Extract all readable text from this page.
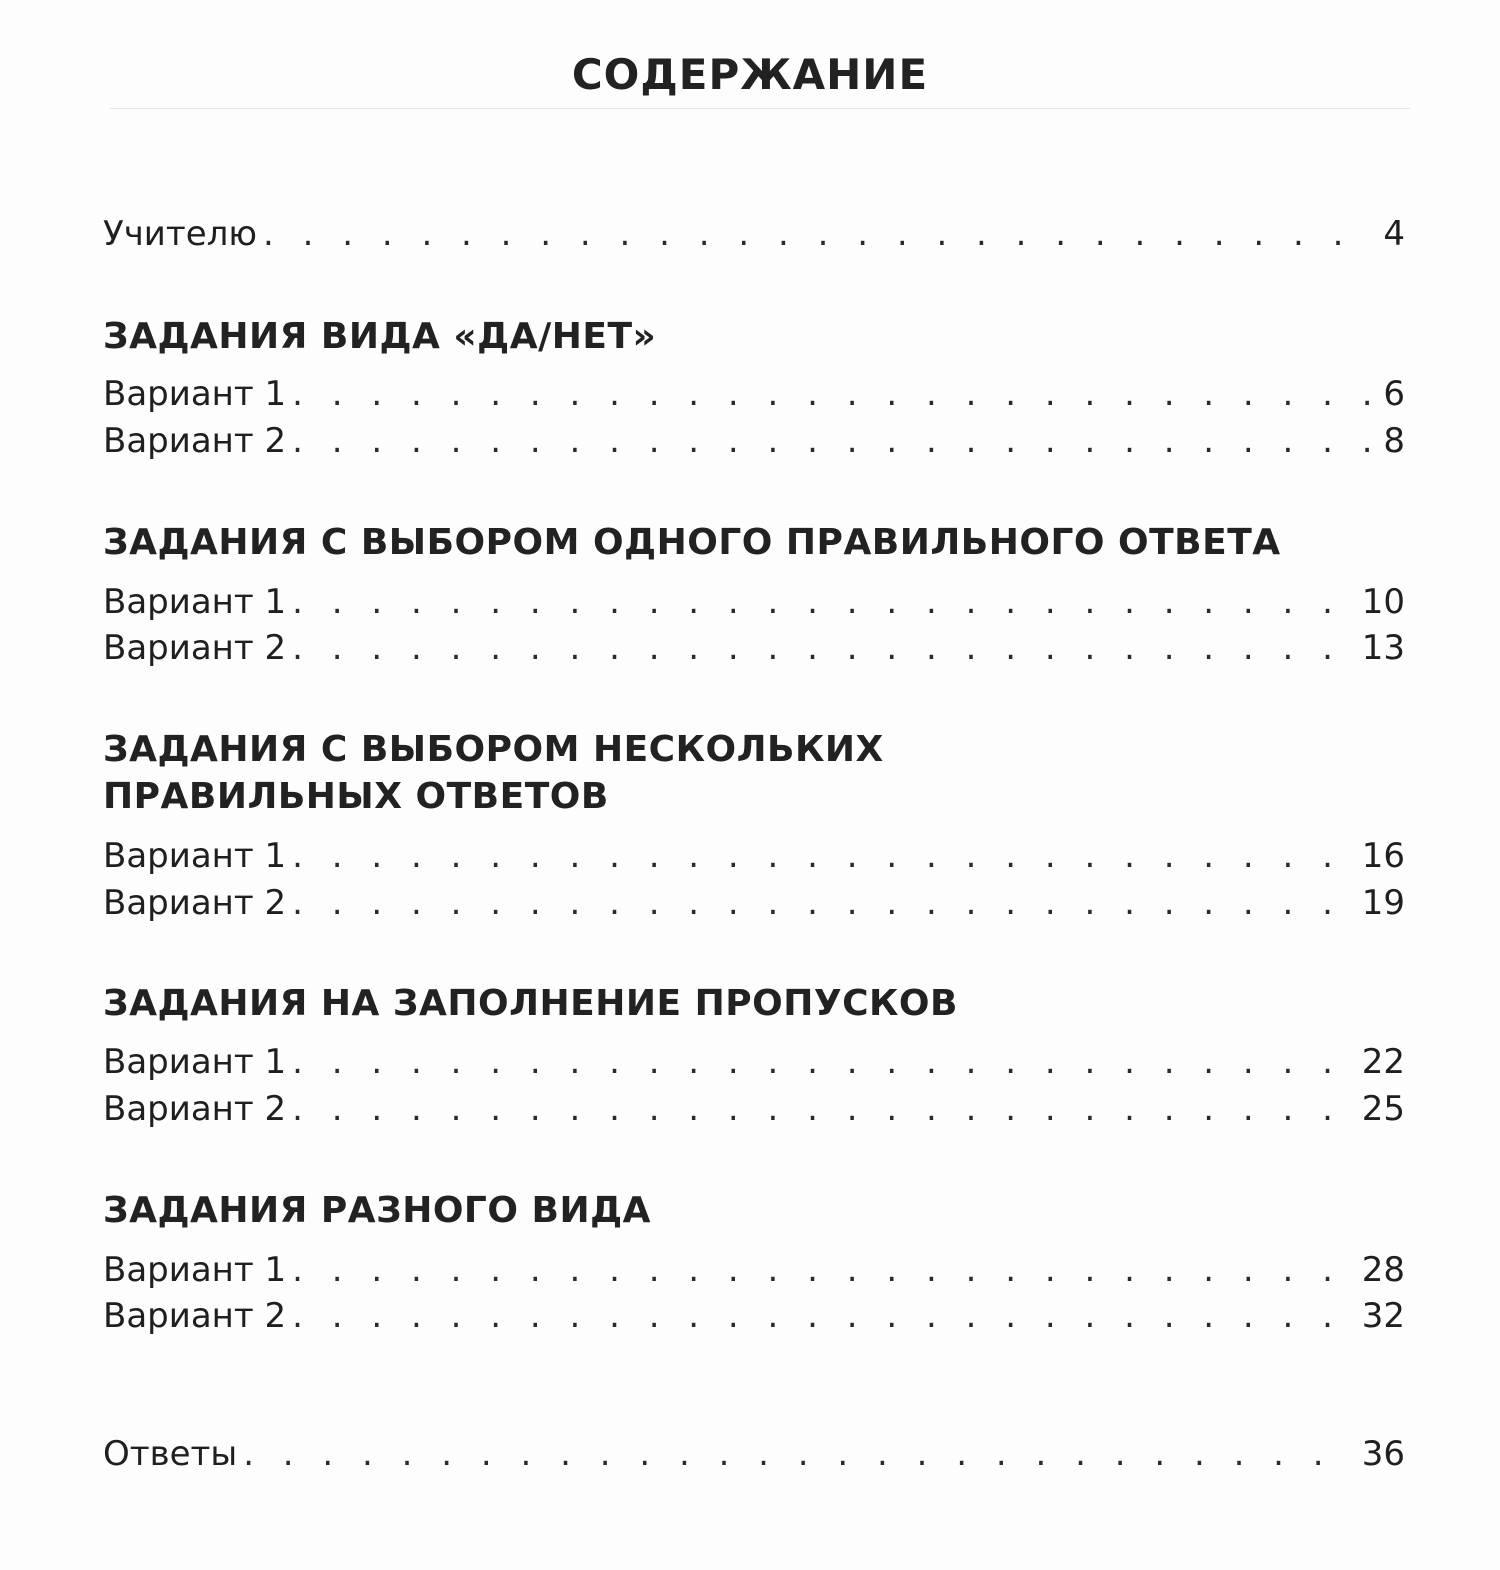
СОДЕРЖАНИЕ
Учителю . . .	4
ЗАДАНИЯ ВИДА «ДА/НЕТ»
Вариант 1 . . .	6
Вариант 2 . . .	8
ЗАДАНИЯ С ВЫБОРОМ ОДНОГО ПРАВИЛЬНОГО ОТВЕТА
Вариант 1 . . .	10
Вариант 2 . . .	13
ЗАДАНИЯ С ВЫБОРОМ НЕСКОЛЬКИХ
ПРАВИЛЬНЫХ ОТВЕТОВ
Вариант 1 . . .	16
Вариант 2 . . .	19
ЗАДАНИЯ НА ЗАПОЛНЕНИЕ ПРОПУСКОВ
Вариант 1 . . .	22
Вариант 2 . . .	25
ЗАДАНИЯ РАЗНОГО ВИДА
Вариант 1 . . .	28
Вариант 2 . . .	32
Ответы . . .	36
